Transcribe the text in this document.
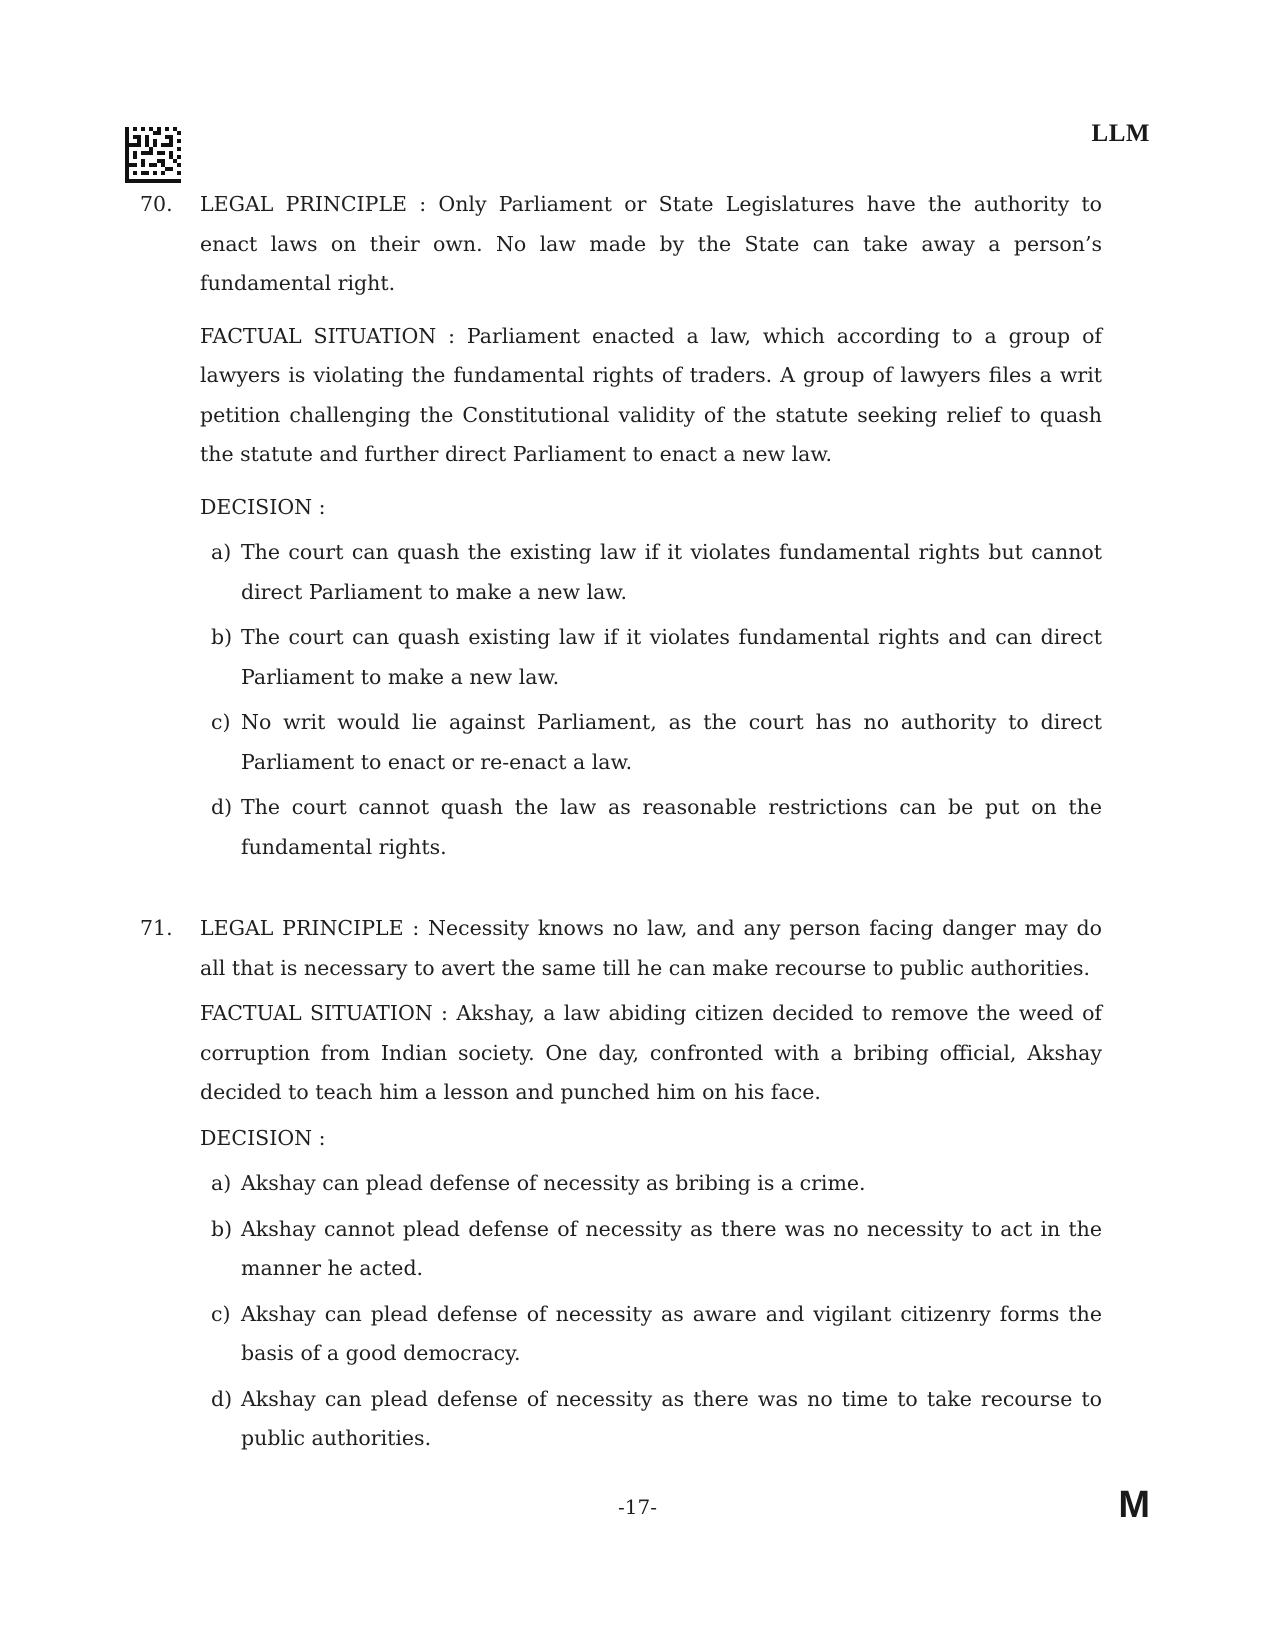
LLM
70. LEGAL PRINCIPLE : Only Parliament or State Legislatures have the authority to enact laws on their own. No law made by the State can take away a person’s fundamental right.

FACTUAL SITUATION : Parliament enacted a law, which according to a group of lawyers is violating the fundamental rights of traders. A group of lawyers files a writ petition challenging the Constitutional validity of the statute seeking relief to quash the statute and further direct Parliament to enact a new law.

DECISION :

a) The court can quash the existing law if it violates fundamental rights but cannot direct Parliament to make a new law.
b) The court can quash existing law if it violates fundamental rights and can direct Parliament to make a new law.
c) No writ would lie against Parliament, as the court has no authority to direct Parliament to enact or re-enact a law.
d) The court cannot quash the law as reasonable restrictions can be put on the fundamental rights.
71. LEGAL PRINCIPLE : Necessity knows no law, and any person facing danger may do all that is necessary to avert the same till he can make recourse to public authorities.

FACTUAL SITUATION : Akshay, a law abiding citizen decided to remove the weed of corruption from Indian society. One day, confronted with a bribing official, Akshay decided to teach him a lesson and punched him on his face.

DECISION :

a) Akshay can plead defense of necessity as bribing is a crime.
b) Akshay cannot plead defense of necessity as there was no necessity to act in the manner he acted.
c) Akshay can plead defense of necessity as aware and vigilant citizenry forms the basis of a good democracy.
d) Akshay can plead defense of necessity as there was no time to take recourse to public authorities.
-17-	M
